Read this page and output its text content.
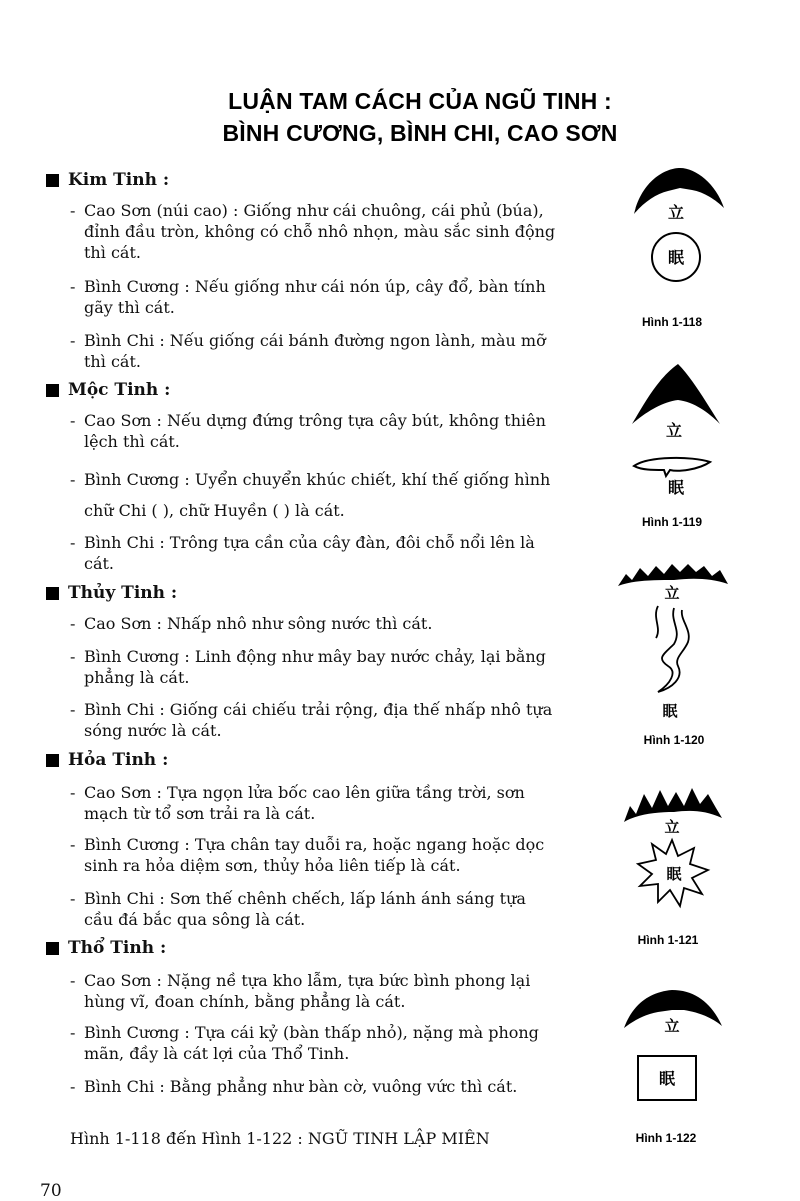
LUẬN TAM CÁCH CỦA NGŨ TINH :
BÌNH CƯƠNG, BÌNH CHI, CAO SƠN
Kim Tinh :
- Cao Sơn (núi cao) : Giống như cái chuông, cái phủ (búa), đỉnh đầu tròn, không có chỗ nhô nhọn, màu sắc sinh động thì cát.
- Bình Cương : Nếu giống như cái nón úp, cây đổ, bàn tính gãy thì cát.
- Bình Chi : Nếu giống cái bánh đường ngon lành, màu mỡ thì cát.
Mộc Tinh :
- Cao Sơn : Nếu dựng đứng trông tựa cây bút, không thiên lệch thì cát.
- Bình Cương : Uyển chuyển khúc chiết, khí thế giống hình chữ Chi ( ), chữ Huyền ( ) là cát.
- Bình Chi : Trông tựa cần của cây đàn, đôi chỗ nổi lên là cát.
Thủy Tinh :
- Cao Sơn : Nhấp nhô như sông nước thì cát.
- Bình Cương : Linh động như mây bay nước chảy, lại bằng phẳng là cát.
- Bình Chi : Giống cái chiếu trải rộng, địa thế nhấp nhô tựa sóng nước là cát.
Hỏa Tinh :
- Cao Sơn : Tựa ngọn lửa bốc cao lên giữa tầng trời, sơn mạch từ tổ sơn trải ra là cát.
- Bình Cương : Tựa chân tay duỗi ra, hoặc ngang hoặc dọc sinh ra hỏa diệm sơn, thủy hỏa liên tiếp là cát.
- Bình Chi : Sơn thế chênh chếch, lấp lánh ánh sáng tựa cầu đá bắc qua sông là cát.
Thổ Tinh :
- Cao Sơn : Nặng nề tựa kho lẫm, tựa bức bình phong lại hùng vĩ, đoan chính, bằng phẳng là cát.
- Bình Cương : Tựa cái kỷ (bàn thấp nhỏ), nặng mà phong mãn, đầy là cát lợi của Thổ Tinh.
- Bình Chi : Bằng phẳng như bàn cờ, vuông vức thì cát.
Hình 1-118 đến Hình 1-122 : NGŨ TINH LẬP MIÊN
70
立
眠
Hình 1-118
立
眠
Hình 1-119
立
眠
Hình 1-120
立
眠
Hình 1-121
立
眠
Hình 1-122
